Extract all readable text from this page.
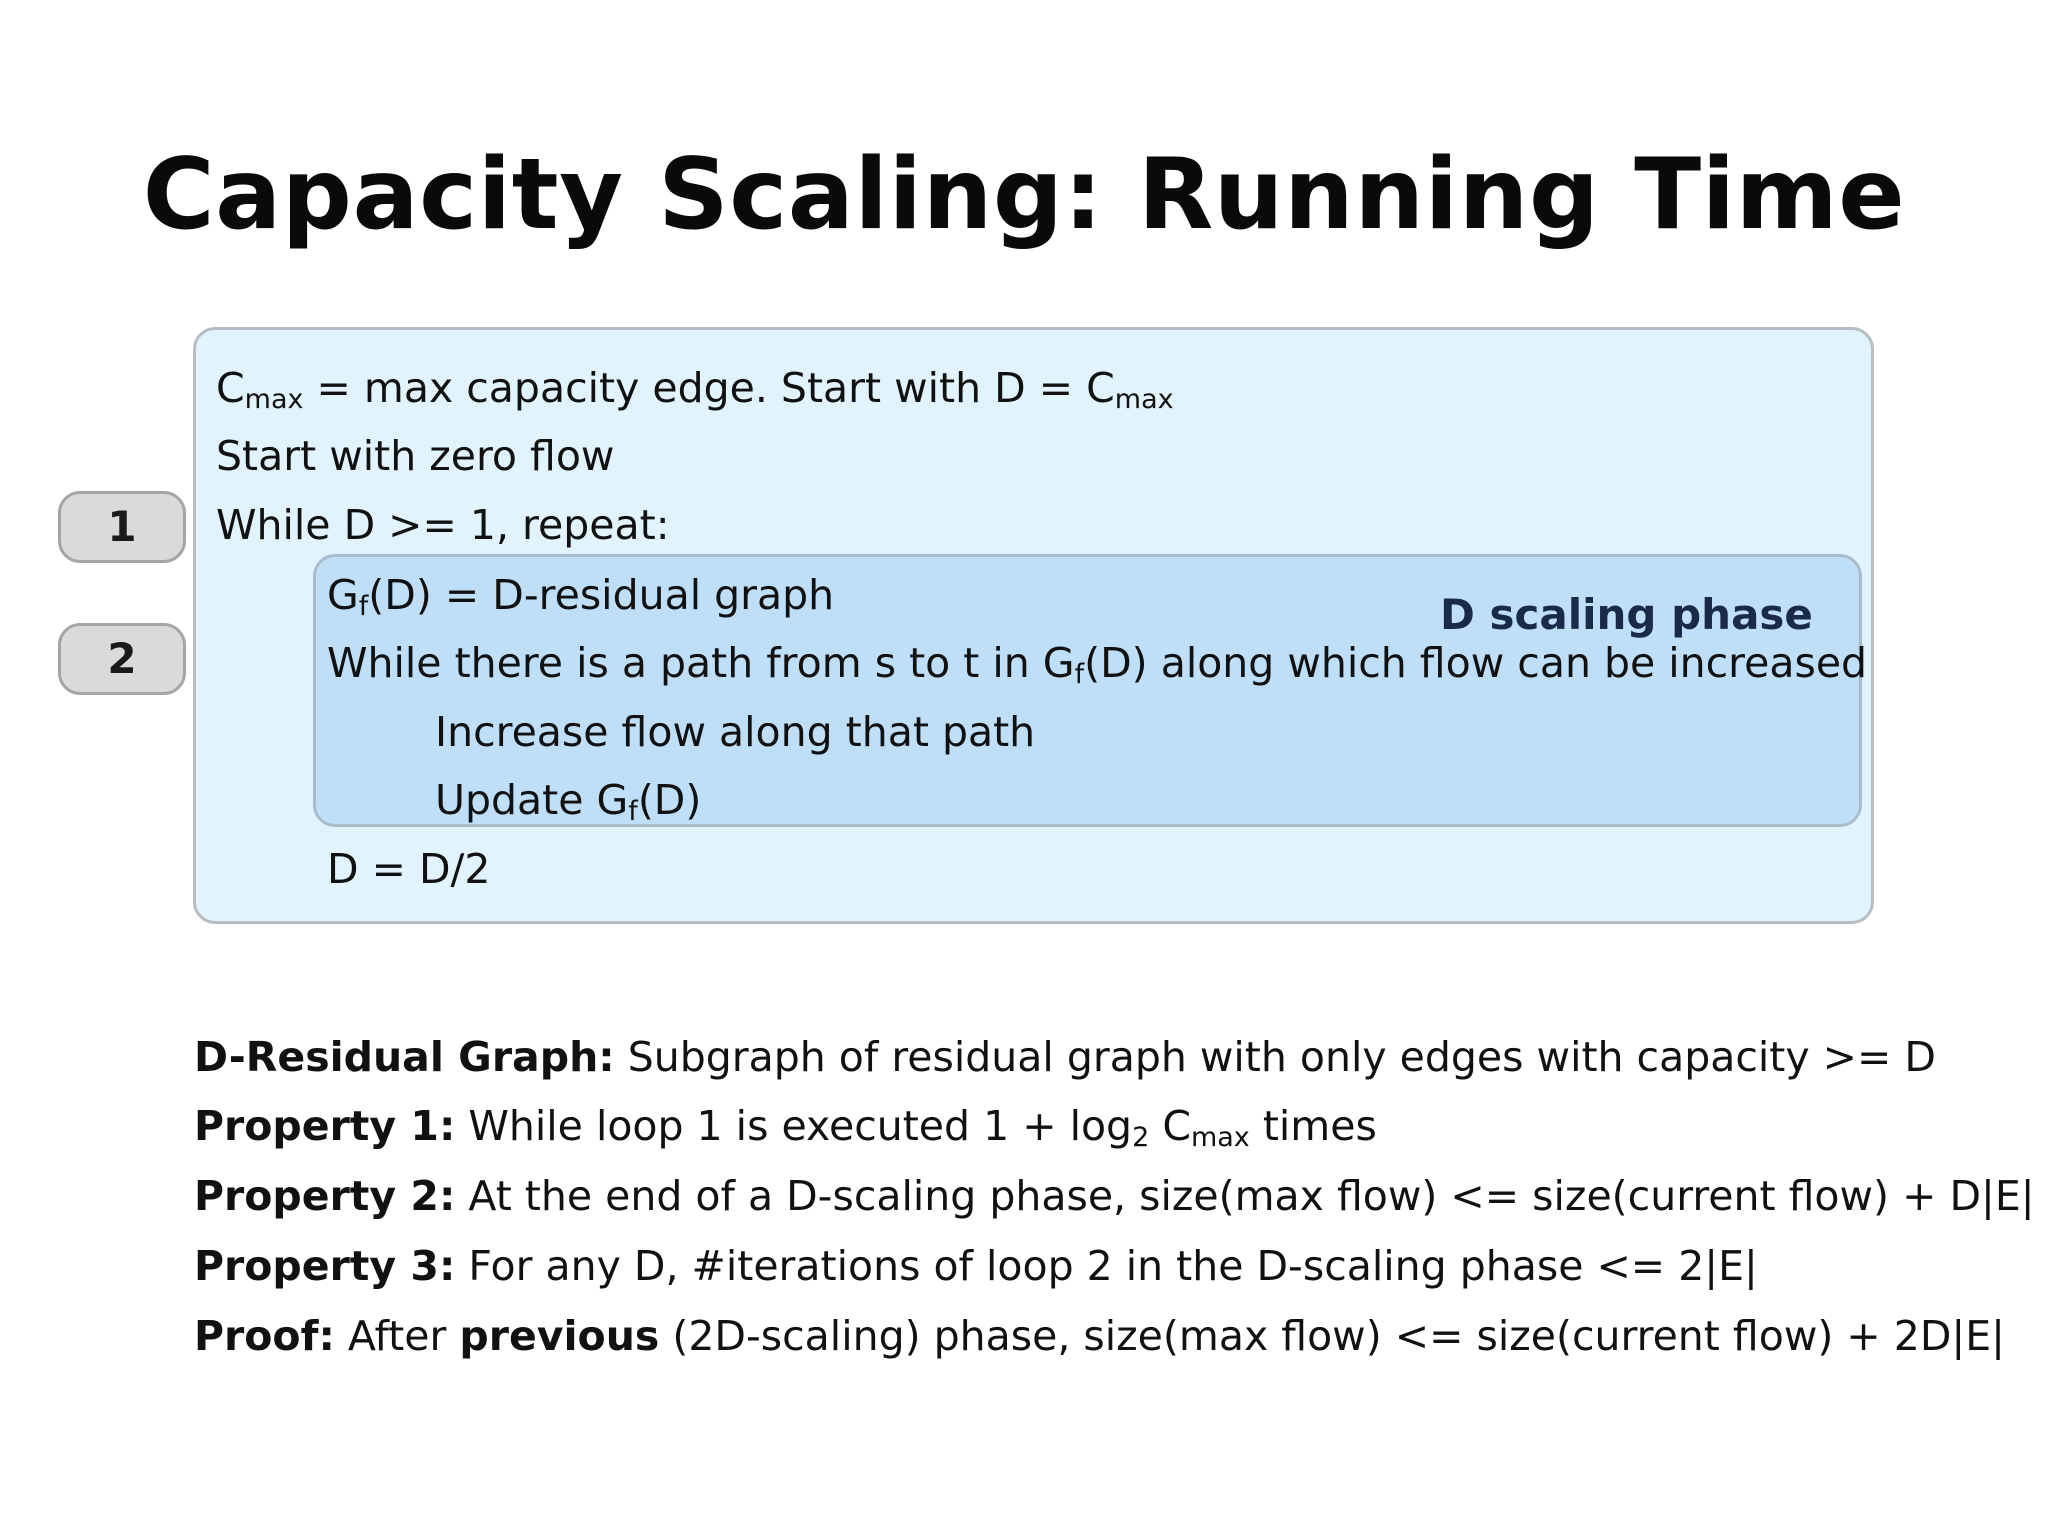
Capacity Scaling: Running Time
1
2
$C_{max} = \max$ capacity edge. Start with $D = C_{max}$
Start with zero flow
While D >= 1, repeat:
$G_f(D)$ = D-residual graph	D scaling phase
While there is a path from s to t in $G_f(D)$ along which flow can be increased
Increase flow along that path
Update $G_f(D)$
D = D/2
D-Residual Graph: Subgraph of residual graph with only edges with capacity >= D
Property 1: While loop 1 is executed $1 + \log_2 C_{max}$ times
Property 2: At the end of a D-scaling phase, size(max flow) <= size(current flow) + D|E|
Property 3: For any D, #iterations of loop 2 in the D-scaling phase <= 2|E|
Proof: After previous (2D-scaling) phase, size(max flow) <= size(current flow) + 2D|E|
